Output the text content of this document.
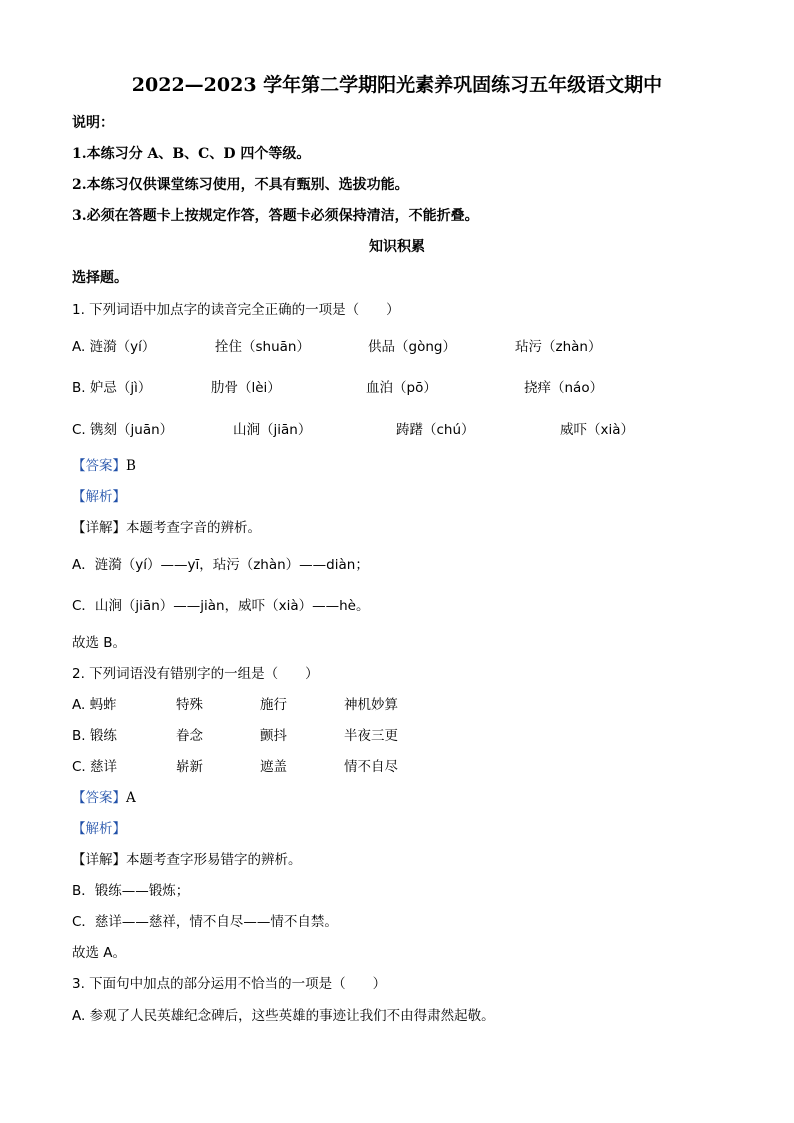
2022—2023 学年第二学期阳光素养巩固练习五年级语文期中
说明：
1.本练习分 A、B、C、D 四个等级。
2.本练习仅供课堂练习使用，不具有甄别、选拔功能。
3.必须在答题卡上按规定作答，答题卡必须保持清洁，不能折叠。
知识积累
选择题。
1. 下列词语中加点字的读音完全正确的一项是（　　）
A. 涟漪（yí）	拴住（shuān）	供品（gòng）	玷污（zhàn）
B. 妒忌（jì）	肋骨（lèi）	血泊（pō）	挠痒（náo）
C. 镌刻（juān）	山涧（jiān）	踌躇（chú）	威吓（xià）
【答案】B
【解析】
【详解】本题考查字音的辨析。
A．涟漪（yí）——yī，玷污（zhàn）——diàn；
C．山涧（jiān）——jiàn，威吓（xià）——hè。
故选 B。
2. 下列词语没有错别字的一组是（　　）
A. 蚂蚱	特殊	施行	神机妙算
B. 锻练	眷念	颤抖	半夜三更
C. 慈详	崭新	遮盖	情不自尽
【答案】A
【解析】
【详解】本题考查字形易错字的辨析。
B．锻练——锻炼；
C．慈详——慈祥，情不自尽——情不自禁。
故选 A。
3. 下面句中加点的部分运用不恰当的一项是（　　）
A. 参观了人民英雄纪念碑后，这些英雄的事迹让我们不由得肃然起敬。
